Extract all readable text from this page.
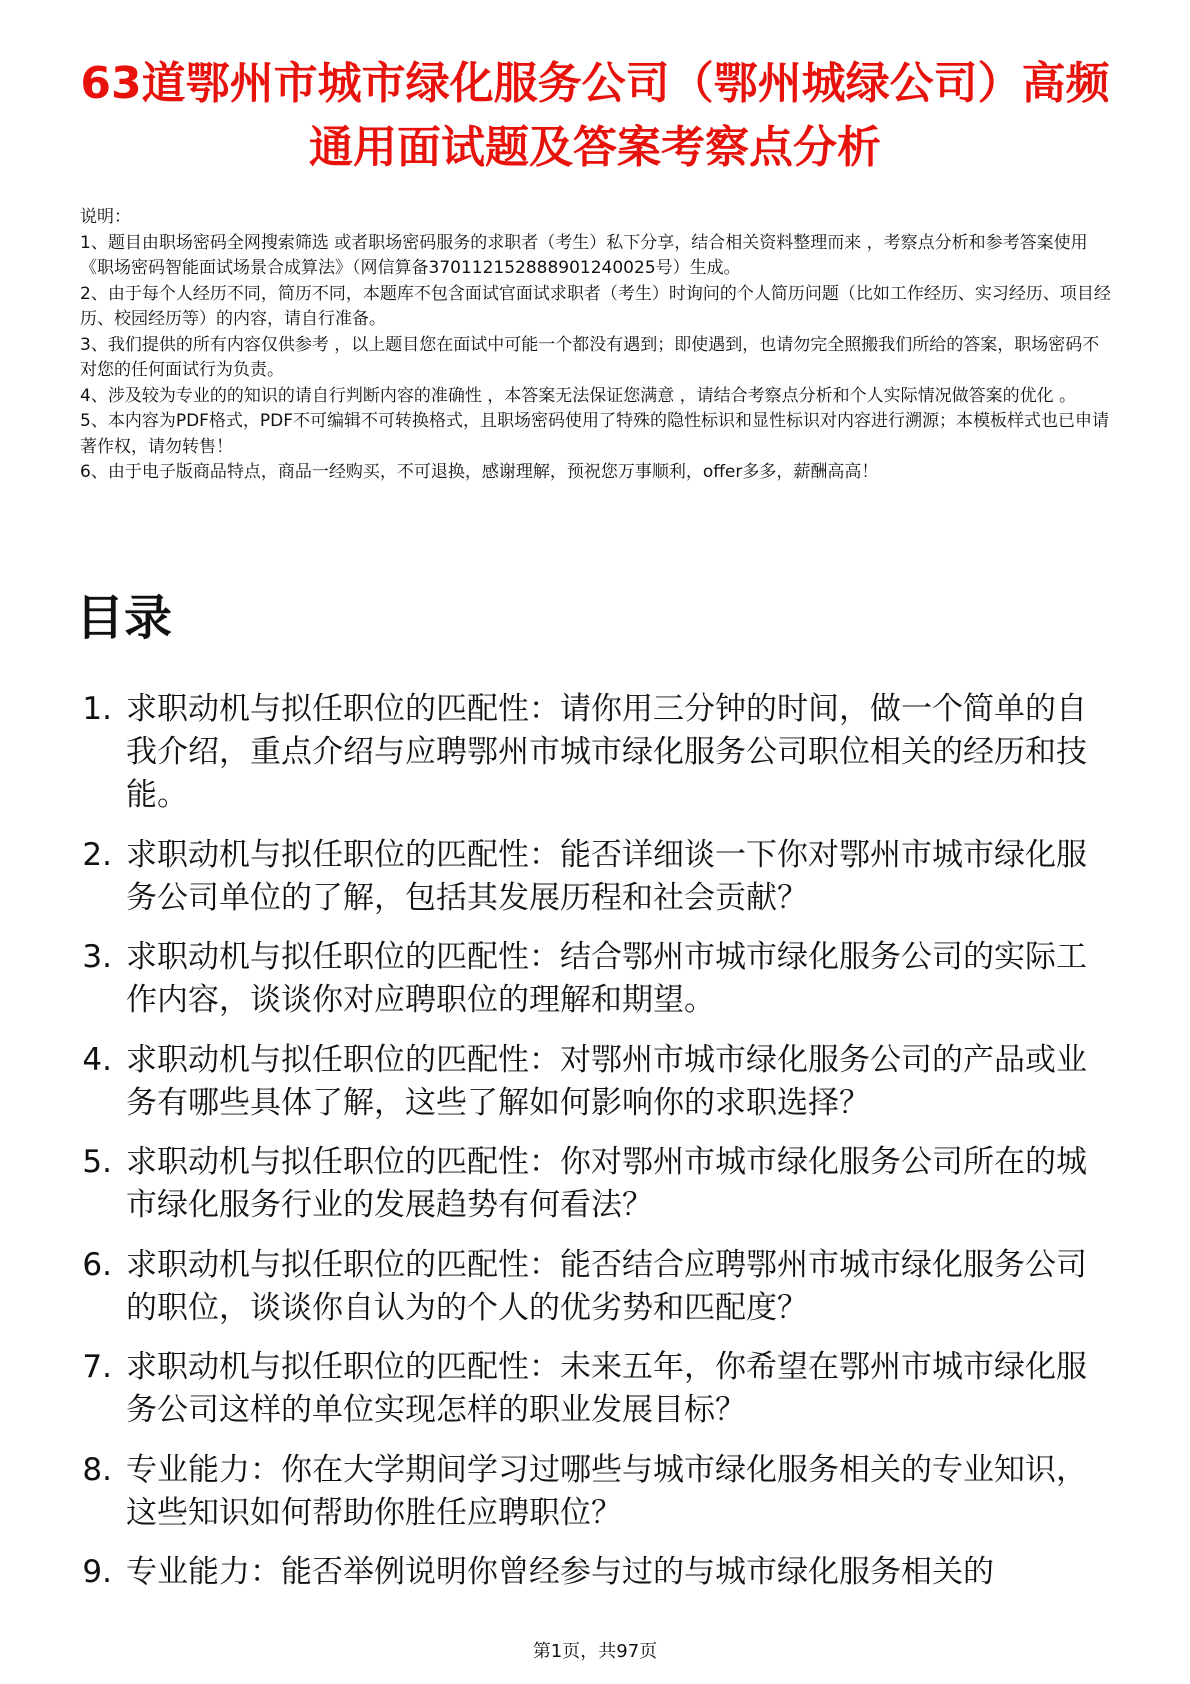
63道鄂州市城市绿化服务公司（鄂州城绿公司）高频通用面试题及答案考察点分析

说明：

1、题目由职场密码全网搜索筛选 或者职场密码服务的求职者（考生）私下分享，结合相关资料整理而来 ，考察点分析和参考答案使用《职场密码智能面试场景合成算法》（网信算备370112152888901240025号）生成。

2、由于每个人经历不同，简历不同，本题库不包含面试官面试求职者（考生）时询问的个人简历问题（比如工作经历、实习经历、项目经历、校园经历等）的内容，请自行准备。

3、我们提供的所有内容仅供参考 ，以上题目您在面试中可能一个都没有遇到；即使遇到，也请勿完全照搬我们所给的答案，职场密码不对您的任何面试行为负责。

4、涉及较为专业的的知识的请自行判断内容的准确性 ，本答案无法保证您满意 ，请结合考察点分析和个人实际情况做答案的优化 。

5、本内容为PDF格式，PDF不可编辑不可转换格式，且职场密码使用了特殊的隐性标识和显性标识对内容进行溯源；本模板样式也已申请著作权，请勿转售！

6、由于电子版商品特点，商品一经购买，不可退换，感谢理解，预祝您万事顺利，offer多多，薪酬高高！

目录
1. 求职动机与拟任职位的匹配性：请你用三分钟的时间，做一个简单的自我介绍，重点介绍与应聘鄂州市城市绿化服务公司职位相关的经历和技能。
2. 求职动机与拟任职位的匹配性：能否详细谈一下你对鄂州市城市绿化服务公司单位的了解，包括其发展历程和社会贡献？
3. 求职动机与拟任职位的匹配性：结合鄂州市城市绿化服务公司的实际工作内容，谈谈你对应聘职位的理解和期望。
4. 求职动机与拟任职位的匹配性：对鄂州市城市绿化服务公司的产品或业务有哪些具体了解，这些了解如何影响你的求职选择？
5. 求职动机与拟任职位的匹配性：你对鄂州市城市绿化服务公司所在的城市绿化服务行业的发展趋势有何看法？
6. 求职动机与拟任职位的匹配性：能否结合应聘鄂州市城市绿化服务公司的职位，谈谈你自认为的个人的优劣势和匹配度？
7. 求职动机与拟任职位的匹配性：未来五年，你希望在鄂州市城市绿化服务公司这样的单位实现怎样的职业发展目标？
8. 专业能力：你在大学期间学习过哪些与城市绿化服务相关的专业知识，这些知识如何帮助你胜任应聘职位？
9. 专业能力：能否举例说明你曾经参与过的与城市绿化服务相关的
第1页，共97页
